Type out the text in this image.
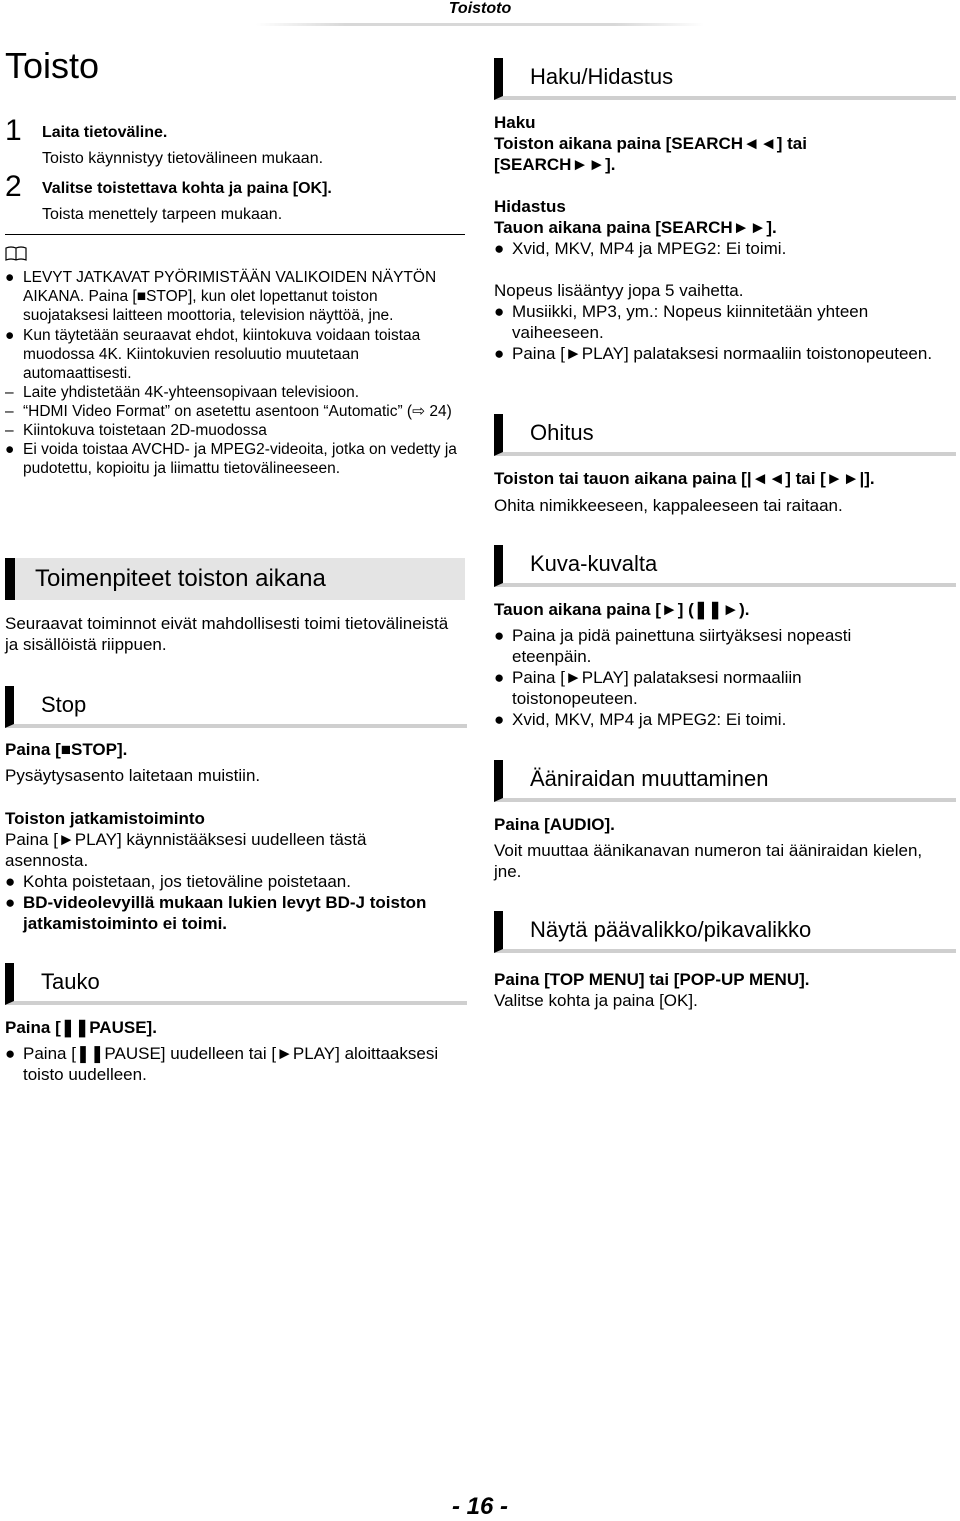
Toistoto
Toisto
1 Laita tietoväline.
Toisto käynnistyy tietovälineen mukaan.
2 Valitse toistettava kohta ja paina [OK].
Toista menettely tarpeen mukaan.
● LEVYT JATKAVAT PYÖRIMISTÄÄN VALIKOIDEN NÄYTÖN AIKANA. Paina [■STOP], kun olet lopettanut toiston suojataksesi laitteen moottoria, television näyttöä, jne.
● Kun täytetään seuraavat ehdot, kiintokuva voidaan toistaa muodossa 4K. Kiintokuvien resoluutio muutetaan automaattisesti.
– Laite yhdistetään 4K-yhteensopivaan televisioon.
– “HDMI Video Format” on asetettu asentoon “Automatic” (⇨ 24)
– Kiintokuva toistetaan 2D-muodossa
● Ei voida toistaa AVCHD- ja MPEG2-videoita, jotka on vedetty ja pudotettu, kopioitu ja liimattu tietovälineeseen.
Toimenpiteet toiston aikana
Seuraavat toiminnot eivät mahdollisesti toimi tietovälineistä ja sisällöistä riippuen.
Stop
Paina [■STOP].
Pysäytysasento laitetaan muistiin.
Toiston jatkamistoiminto
Paina [►PLAY] käynnistääksesi uudelleen tästä asennosta.
● Kohta poistetaan, jos tietoväline poistetaan.
● BD-videolevyillä mukaan lukien levyt BD-J toiston jatkamistoiminto ei toimi.
Tauko
Paina [❚❚PAUSE].
● Paina [❚❚PAUSE] uudelleen tai [►PLAY] aloittaaksesi toisto uudelleen.
Haku/Hidastus
Haku
Toiston aikana paina [SEARCH◄◄] tai [SEARCH►►].
Hidastus
Tauon aikana paina [SEARCH►►].
● Xvid, MKV, MP4 ja MPEG2: Ei toimi.
Nopeus lisääntyy jopa 5 vaihetta.
● Musiikki, MP3, ym.: Nopeus kiinnitetään yhteen vaiheeseen.
● Paina [►PLAY] palataksesi normaaliin toistonopeuteen.
Ohitus
Toiston tai tauon aikana paina [|◄◄] tai [►►|].
Ohita nimikkeeseen, kappaleeseen tai raitaan.
Kuva-kuvalta
Tauon aikana paina [►] (❚❚►).
● Paina ja pidä painettuna siirtyäksesi nopeasti eteenpäin.
● Paina [►PLAY] palataksesi normaaliin toistonopeuteen.
● Xvid, MKV, MP4 ja MPEG2: Ei toimi.
Ääniraidan muuttaminen
Paina [AUDIO].
Voit muuttaa äänikanavan numeron tai ääniraidan kielen, jne.
Näytä päävalikko/pikavalikko
Paina [TOP MENU] tai [POP-UP MENU].
Valitse kohta ja paina [OK].
- 16 -
